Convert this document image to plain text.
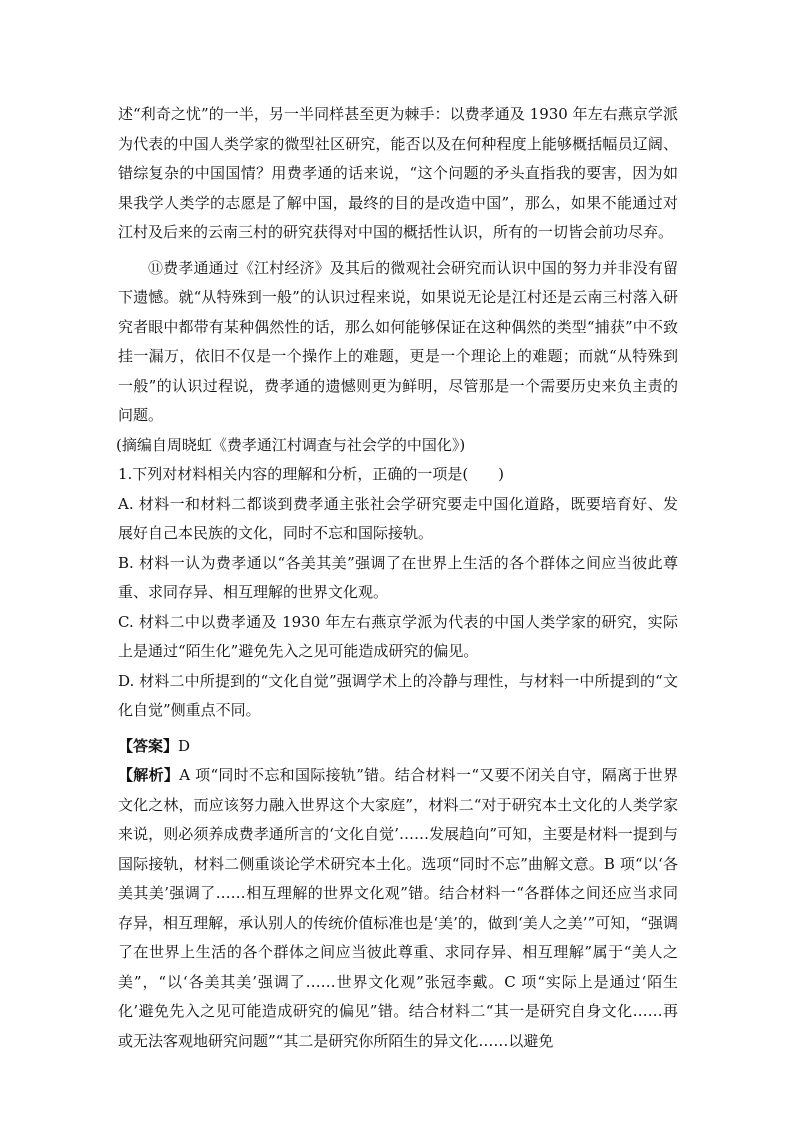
述“利奇之忧”的一半，另一半同样甚至更为棘手：以费孝通及 1930 年左右燕京学派为代表的中国人类学家的微型社区研究，能否以及在何种程度上能够概括幅员辽阔、错综复杂的中国国情？用费孝通的话来说，“这个问题的矛头直指我的要害，因为如果我学人类学的志愿是了解中国，最终的目的是改造中国”，那么，如果不能通过对江村及后来的云南三村的研究获得对中国的概括性认识，所有的一切皆会前功尽弃。

⑪费孝通通过《江村经济》及其后的微观社会研究而认识中国的努力并非没有留下遗憾。就“从特殊到一般”的认识过程来说，如果说无论是江村还是云南三村落入研究者眼中都带有某种偶然性的话，那么如何能够保证在这种偶然的类型“捕获”中不致挂一漏万，依旧不仅是一个操作上的难题，更是一个理论上的难题；而就“从特殊到一般”的认识过程说，费孝通的遗憾则更为鲜明，尽管那是一个需要历史来负主责的问题。

(摘编自周晓虹《费孝通江村调查与社会学的中国化》)

1.下列对材料相关内容的理解和分析，正确的一项是(　　)

A. 材料一和材料二都谈到费孝通主张社会学研究要走中国化道路，既要培育好、发展好自己本民族的文化，同时不忘和国际接轨。

B. 材料一认为费孝通以“各美其美”强调了在世界上生活的各个群体之间应当彼此尊重、求同存异、相互理解的世界文化观。

C. 材料二中以费孝通及 1930 年左右燕京学派为代表的中国人类学家的研究，实际上是通过“陌生化”避免先入之见可能造成研究的偏见。

D. 材料二中所提到的“文化自觉”强调学术上的冷静与理性，与材料一中所提到的“文化自觉”侧重点不同。

【答案】D

【解析】A 项“同时不忘和国际接轨”错。结合材料一“又要不闭关自守，隔离于世界文化之林，而应该努力融入世界这个大家庭”，材料二“对于研究本土文化的人类学家来说，则必须养成费孝通所言的‘文化自觉’……发展趋向”可知，主要是材料一提到与国际接轨，材料二侧重谈论学术研究本土化。选项“同时不忘”曲解文意。B 项“以‘各美其美’强调了……相互理解的世界文化观”错。结合材料一“各群体之间还应当求同存异，相互理解，承认别人的传统价值标准也是‘美’的，做到‘美人之美’”可知，“强调了在世界上生活的各个群体之间应当彼此尊重、求同存异、相互理解”属于“美人之美”，“以‘各美其美’强调了……世界文化观”张冠李戴。C 项“实际上是通过‘陌生化’避免先入之见可能造成研究的偏见”错。结合材料二“其一是研究自身文化……再或无法客观地研究问题”“其二是研究你所陌生的异文化……以避免
